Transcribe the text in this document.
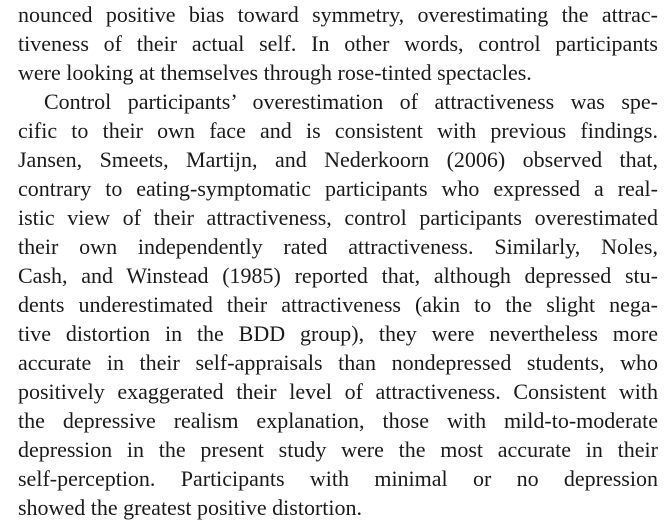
nounced positive bias toward symmetry, overestimating the attrac-
tiveness of their actual self. In other words, control participants
were looking at themselves through rose-tinted spectacles.
Control participants’ overestimation of attractiveness was spe-
cific to their own face and is consistent with previous findings.
Jansen, Smeets, Martijn, and Nederkoorn (2006) observed that,
contrary to eating-symptomatic participants who expressed a real-
istic view of their attractiveness, control participants overestimated
their own independently rated attractiveness. Similarly, Noles,
Cash, and Winstead (1985) reported that, although depressed stu-
dents underestimated their attractiveness (akin to the slight nega-
tive distortion in the BDD group), they were nevertheless more
accurate in their self-appraisals than nondepressed students, who
positively exaggerated their level of attractiveness. Consistent with
the depressive realism explanation, those with mild-to-moderate
depression in the present study were the most accurate in their
self-perception. Participants with minimal or no depression
showed the greatest positive distortion.
